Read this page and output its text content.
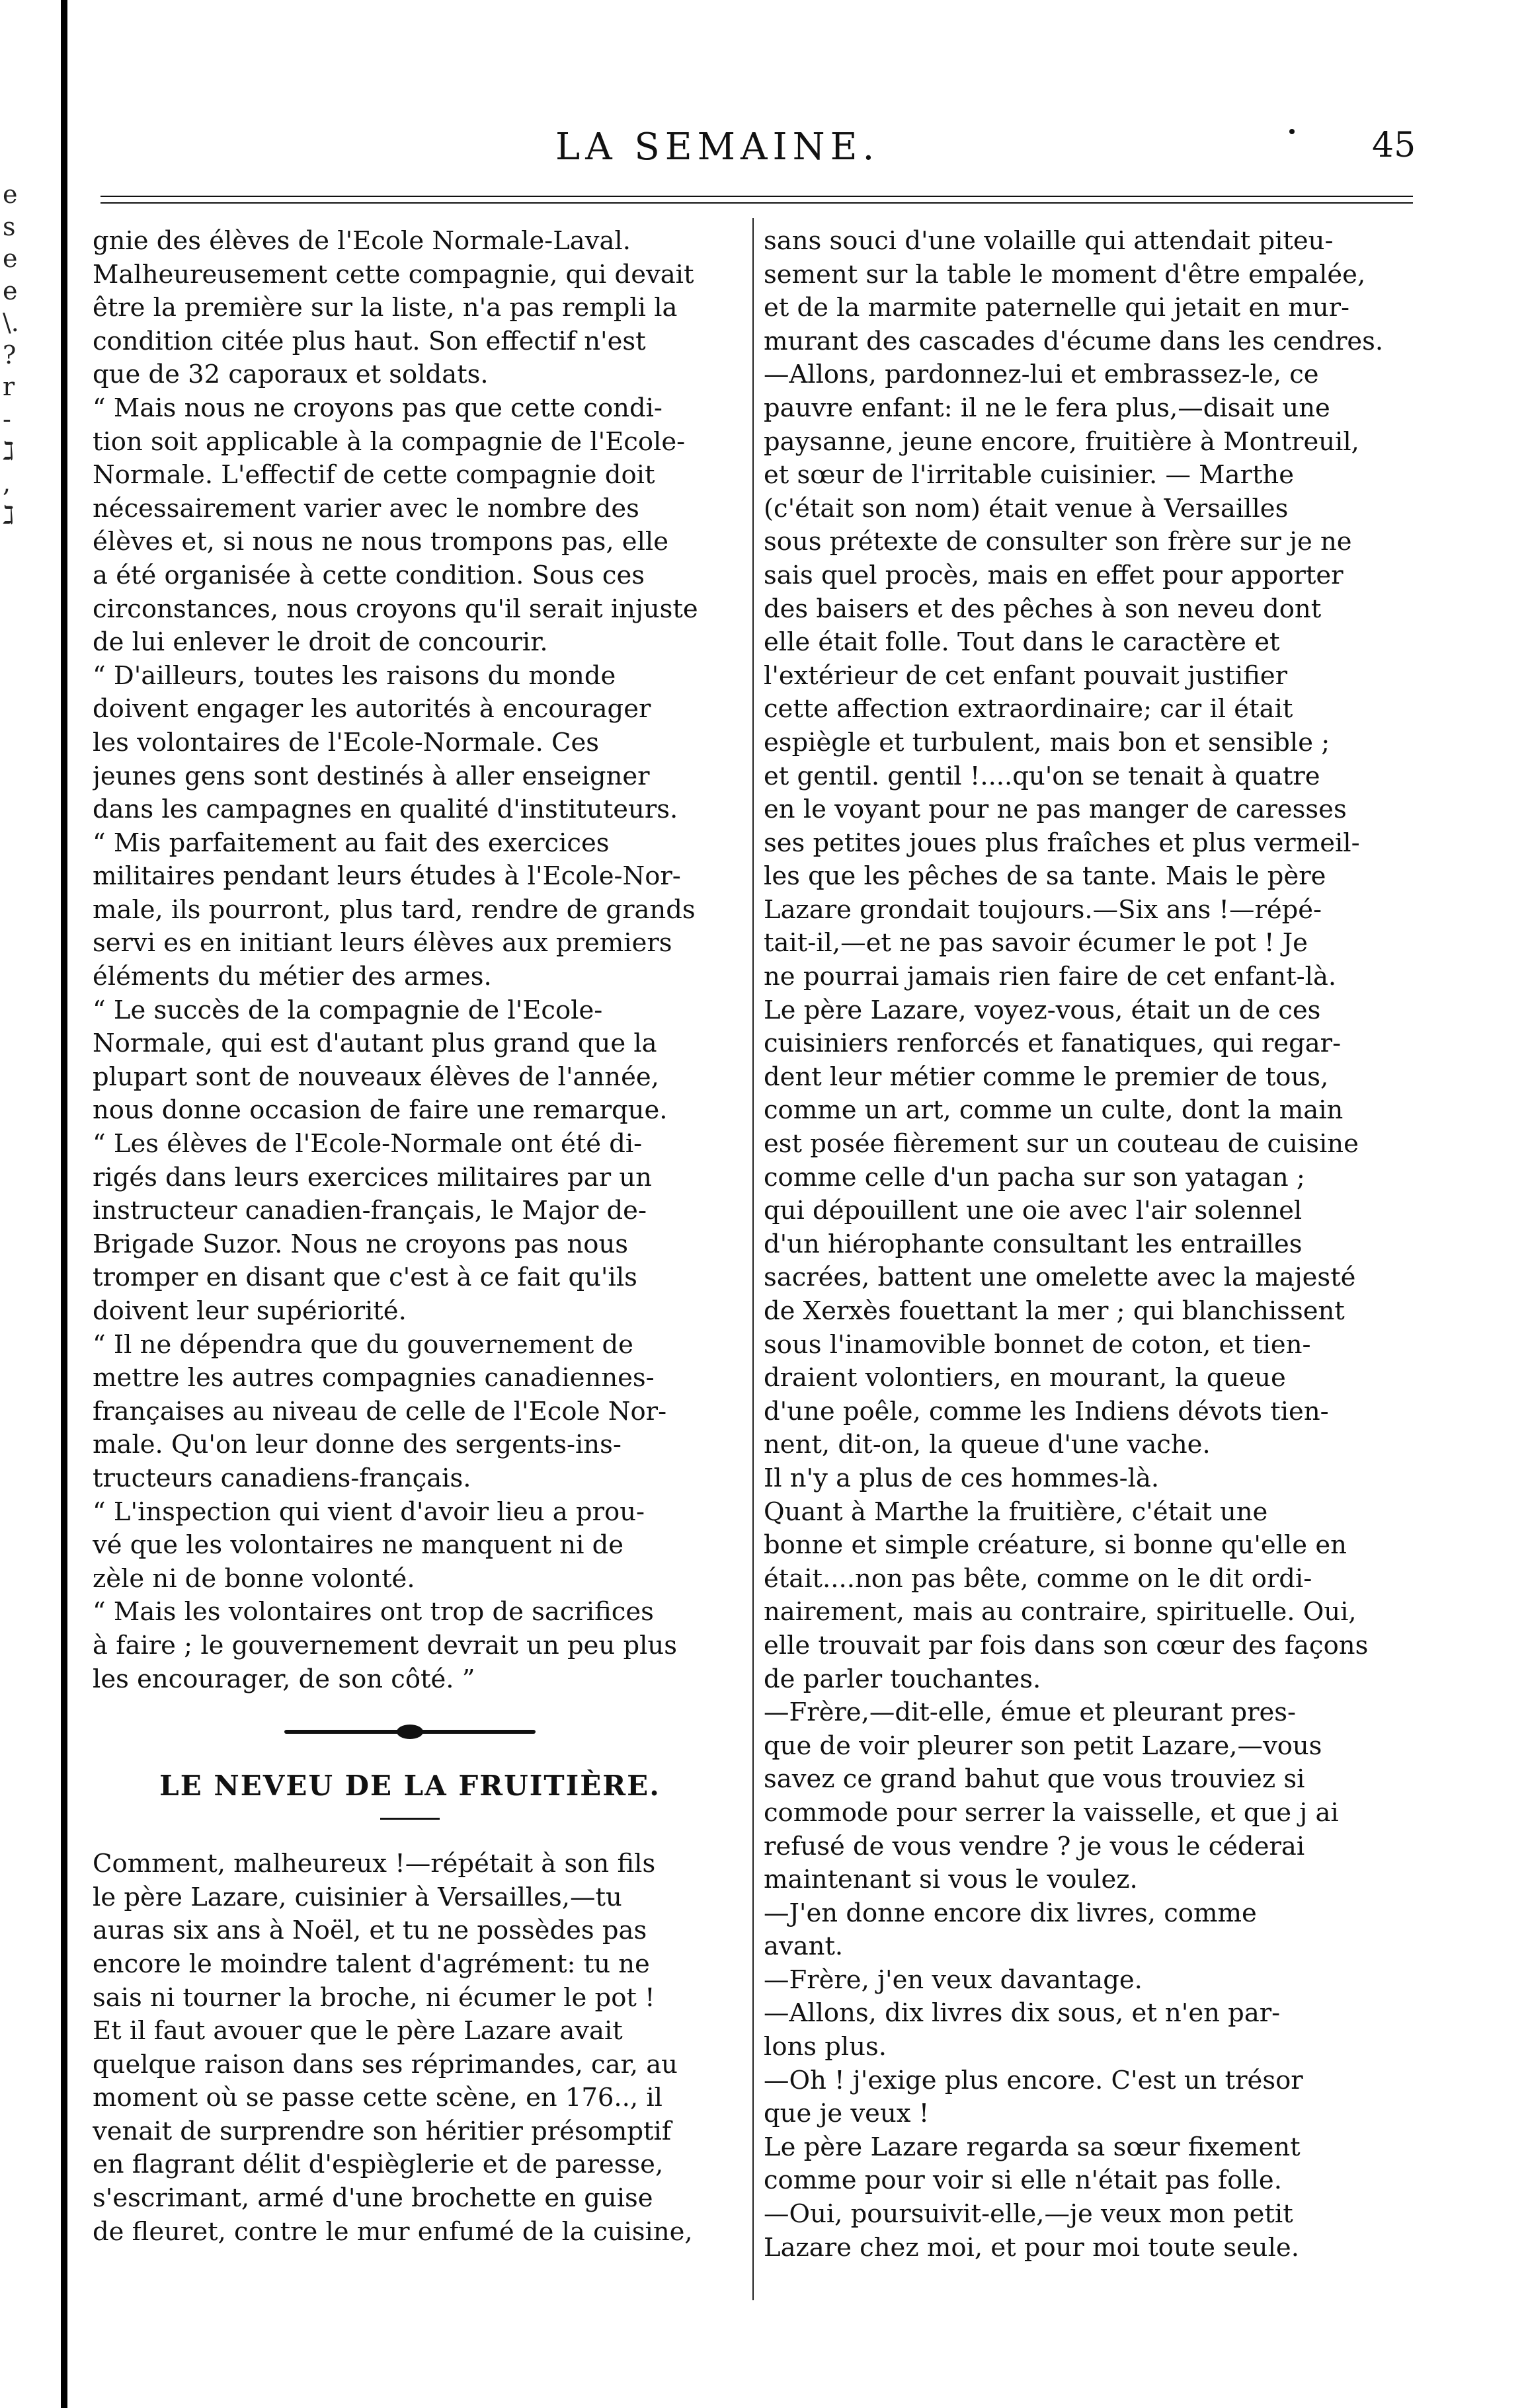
e
s
e
e
\.
?
r
-
ℷ
,
ℷ
LA SEMAINE.	45
gnie des élèves de l'Ecole Normale-Laval.
Malheureusement cette compagnie, qui devait
être la première sur la liste, n'a pas rempli la
condition citée plus haut. Son effectif n'est
que de 32 caporaux et soldats.
“ Mais nous ne croyons pas que cette condi-
tion soit applicable à la compagnie de l'Ecole-
Normale. L'effectif de cette compagnie doit
nécessairement varier avec le nombre des
élèves et, si nous ne nous trompons pas, elle
a été organisée à cette condition. Sous ces
circonstances, nous croyons qu'il serait injuste
de lui enlever le droit de concourir.
“ D'ailleurs, toutes les raisons du monde
doivent engager les autorités à encourager
les volontaires de l'Ecole-Normale. Ces
jeunes gens sont destinés à aller enseigner
dans les campagnes en qualité d'instituteurs.
“ Mis parfaitement au fait des exercices
militaires pendant leurs études à l'Ecole-Nor-
male, ils pourront, plus tard, rendre de grands
servi es en initiant leurs élèves aux premiers
éléments du métier des armes.
“ Le succès de la compagnie de l'Ecole-
Normale, qui est d'autant plus grand que la
plupart sont de nouveaux élèves de l'année,
nous donne occasion de faire une remarque.
“ Les élèves de l'Ecole-Normale ont été di-
rigés dans leurs exercices militaires par un
instructeur canadien-français, le Major de-
Brigade Suzor. Nous ne croyons pas nous
tromper en disant que c'est à ce fait qu'ils
doivent leur supériorité.
“ Il ne dépendra que du gouvernement de
mettre les autres compagnies canadiennes-
françaises au niveau de celle de l'Ecole Nor-
male. Qu'on leur donne des sergents-ins-
tructeurs canadiens-français.
“ L'inspection qui vient d'avoir lieu a prou-
vé que les volontaires ne manquent ni de
zèle ni de bonne volonté.
“ Mais les volontaires ont trop de sacrifices
à faire ; le gouvernement devrait un peu plus
les encourager, de son côté. ”
LE NEVEU DE LA FRUITIÈRE.
Comment, malheureux !—répétait à son fils
le père Lazare, cuisinier à Versailles,—tu
auras six ans à Noël, et tu ne possèdes pas
encore le moindre talent d'agrément: tu ne
sais ni tourner la broche, ni écumer le pot !
Et il faut avouer que le père Lazare avait
quelque raison dans ses réprimandes, car, au
moment où se passe cette scène, en 176.., il
venait de surprendre son héritier présomptif
en flagrant délit d'espièglerie et de paresse,
s'escrimant, armé d'une brochette en guise
de fleuret, contre le mur enfumé de la cuisine,
sans souci d'une volaille qui attendait piteu-
sement sur la table le moment d'être empalée,
et de la marmite paternelle qui jetait en mur-
murant des cascades d'écume dans les cendres.
—Allons, pardonnez-lui et embrassez-le, ce
pauvre enfant: il ne le fera plus,—disait une
paysanne, jeune encore, fruitière à Montreuil,
et sœur de l'irritable cuisinier. — Marthe
(c'était son nom) était venue à Versailles
sous prétexte de consulter son frère sur je ne
sais quel procès, mais en effet pour apporter
des baisers et des pêches à son neveu dont
elle était folle. Tout dans le caractère et
l'extérieur de cet enfant pouvait justifier
cette affection extraordinaire; car il était
espiègle et turbulent, mais bon et sensible ;
et gentil. gentil !....qu'on se tenait à quatre
en le voyant pour ne pas manger de caresses
ses petites joues plus fraîches et plus vermeil-
les que les pêches de sa tante. Mais le père
Lazare grondait toujours.—Six ans !—répé-
tait-il,—et ne pas savoir écumer le pot ! Je
ne pourrai jamais rien faire de cet enfant-là.
Le père Lazare, voyez-vous, était un de ces
cuisiniers renforcés et fanatiques, qui regar-
dent leur métier comme le premier de tous,
comme un art, comme un culte, dont la main
est posée fièrement sur un couteau de cuisine
comme celle d'un pacha sur son yatagan ;
qui dépouillent une oie avec l'air solennel
d'un hiérophante consultant les entrailles
sacrées, battent une omelette avec la majesté
de Xerxès fouettant la mer ; qui blanchissent
sous l'inamovible bonnet de coton, et tien-
draient volontiers, en mourant, la queue
d'une poêle, comme les Indiens dévots tien-
nent, dit-on, la queue d'une vache.
Il n'y a plus de ces hommes-là.
Quant à Marthe la fruitière, c'était une
bonne et simple créature, si bonne qu'elle en
était....non pas bête, comme on le dit ordi-
nairement, mais au contraire, spirituelle. Oui,
elle trouvait par fois dans son cœur des façons
de parler touchantes.
—Frère,—dit-elle, émue et pleurant pres-
que de voir pleurer son petit Lazare,—vous
savez ce grand bahut que vous trouviez si
commode pour serrer la vaisselle, et que j ai
refusé de vous vendre ? je vous le céderai
maintenant si vous le voulez.
—J'en donne encore dix livres, comme
avant.
—Frère, j'en veux davantage.
—Allons, dix livres dix sous, et n'en par-
lons plus.
—Oh ! j'exige plus encore. C'est un trésor
que je veux !
Le père Lazare regarda sa sœur fixement
comme pour voir si elle n'était pas folle.
—Oui, poursuivit-elle,—je veux mon petit
Lazare chez moi, et pour moi toute seule.
